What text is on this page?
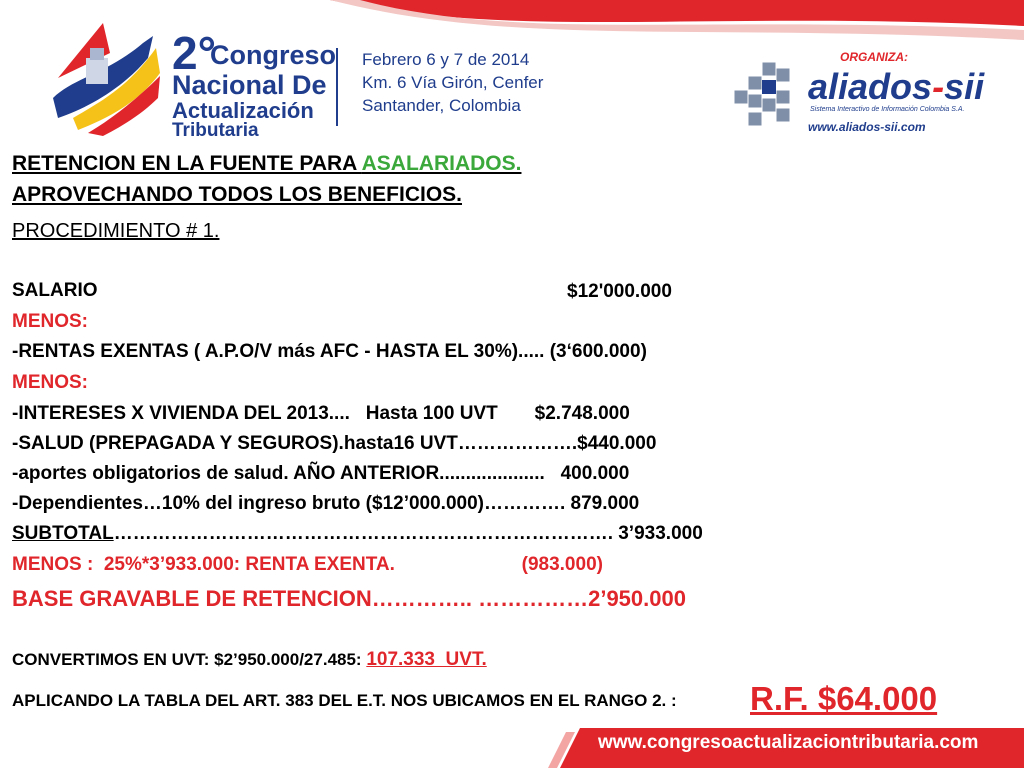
2°
Congreso
Nacional De
Actualización
Tributaria
Febrero 6 y 7 de 2014
Km. 6 Vía Girón, Cenfer
Santander, Colombia
ORGANIZA:
aliados-sii
Sistema Interactivo de Información Colombia S.A.
www.aliados-sii.com
RETENCION EN LA FUENTE PARA ASALARIADOS.
APROVECHANDO TODOS LOS BENEFICIOS.
PROCEDIMIENTO # 1.
SALARIO	$12'000.000
MENOS:
-RENTAS EXENTAS ( A.P.O/V más AFC - HASTA EL 30%)..... (3‘600.000)
MENOS:
-INTERESES X VIVIENDA DEL 2013....   Hasta 100 UVT       $2.748.000
-SALUD (PREPAGADA Y SEGUROS).hasta16 UVT……………….$440.000
-aportes obligatorios de salud. AÑO ANTERIOR....................   400.000
-Dependientes…10% del ingreso bruto ($12’000.000)…………. 879.000
SUBTOTAL……………………………………………………………………. 3’933.000
MENOS :  25%*3’933.000: RENTA EXENTA.                        (983.000)
BASE GRAVABLE DE RETENCION………….. ……………2’950.000
CONVERTIMOS EN UVT: $2’950.000/27.485: 107.333  UVT.
APLICANDO LA TABLA DEL ART. 383 DEL E.T. NOS UBICAMOS EN EL RANGO 2. : R.F. $64.000
www.congresoactualizaciontributaria.com
